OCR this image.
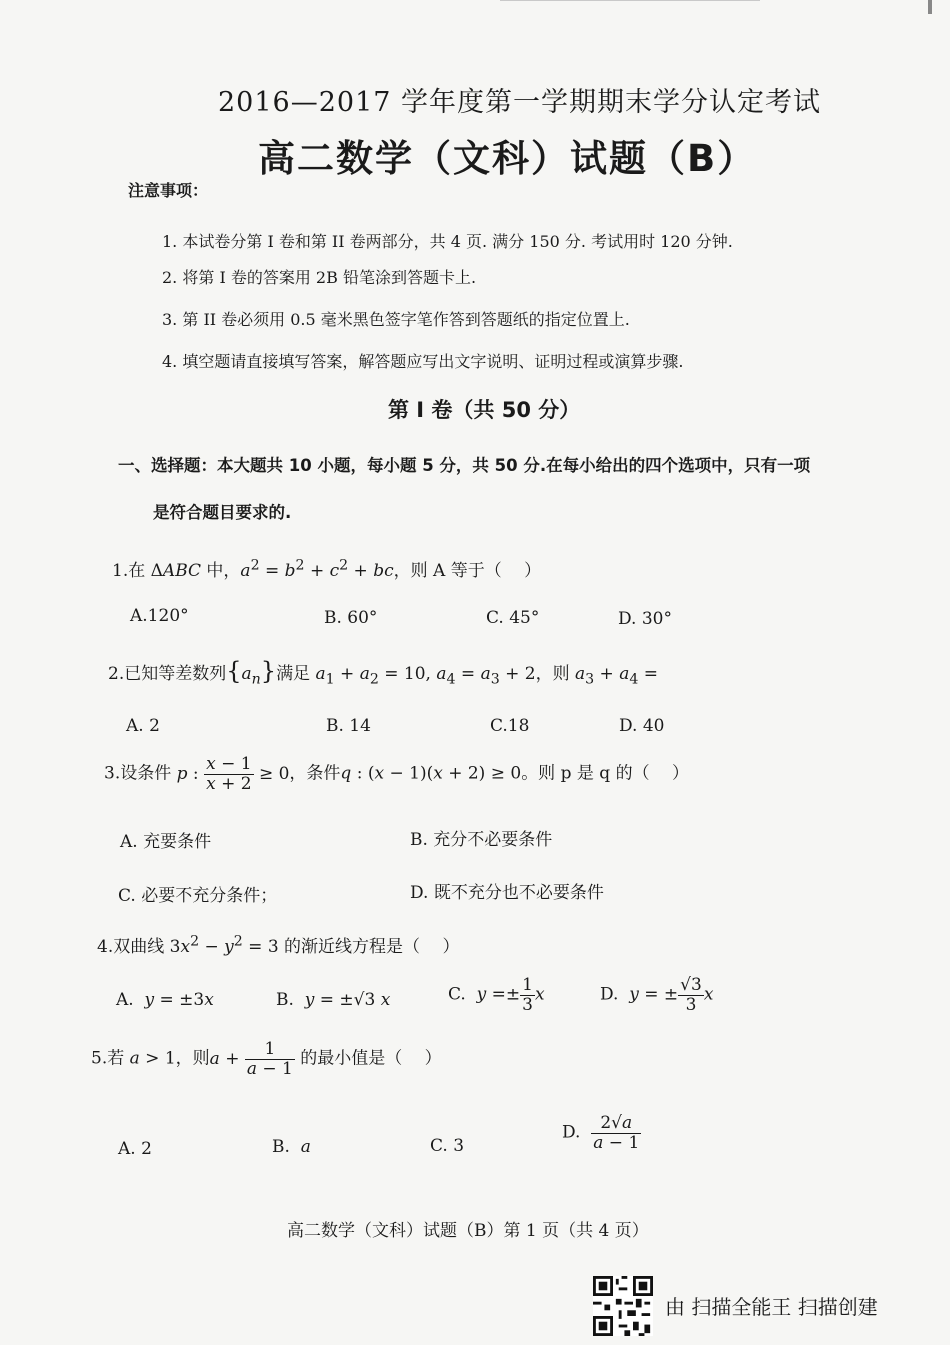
2016—2017 学年度第一学期期末学分认定考试
高二数学（文科）试题（B）
注意事项：
1. 本试卷分第 I 卷和第 II 卷两部分，共 4 页. 满分 150 分. 考试用时 120 分钟.
2. 将第 I 卷的答案用 2B 铅笔涂到答题卡上.
3. 第 II 卷必须用 0.5 毫米黑色签字笔作答到答题纸的指定位置上.
4. 填空题请直接填写答案，解答题应写出文字说明、证明过程或演算步骤.
第 I 卷（共 50 分）
一、选择题：本大题共 10 小题，每小题 5 分，共 50 分.在每小给出的四个选项中，只有一项
是符合题目要求的.
1.在 ΔABC 中，$a^2 = b^2 + c^2$ + bc，则 A 等于（　 ）
A.120°	B. 60°	C. 45°	D. 30°
2.已知等差数列$\{a_n\}$满足 $a_1 + a_2 = 10$, $a_4 = a_3 + 2$，则 $a_3 + a_4$ =
A. 2	B. 14	C.18	D. 40
3.设条件 p : $\frac{x - 1}{x + 2} \ge 0$，条件q : (x − 1)(x + 2) ≥ 0。则 p 是 q 的（　 ）
A. 充要条件	B. 充分不必要条件
C. 必要不充分条件；	D. 既不充分也不必要条件
4.双曲线 $3x^2 - y^2 = 3$ 的渐近线方程是（　 ）
A. y = ±3x	B. y = ±√3 x	C. $y =\pm \frac{1}{3}$ x	D. y = ± $\frac{√3}{3}$ x
5.若 a > 1，则$a + \frac{1}{a - 1}$ 的最小值是（　 ）
A. 2	B. a	C. 3
D. $\frac{2√a}{a - 1}$
高二数学（文科）试题（B）第 1 页（共 4 页）
由 扫描全能王 扫描创建
